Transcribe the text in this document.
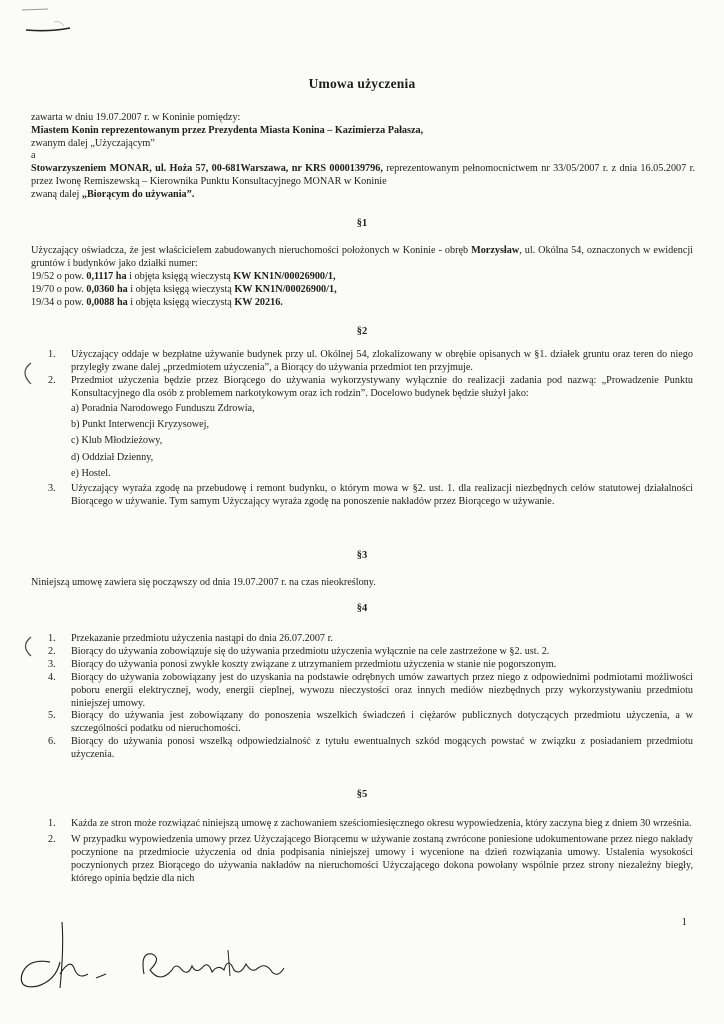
Umowa użyczenia

zawarta w dniu 19.07.2007 r. w Koninie pomiędzy:

Miastem Konin reprezentowanym przez Prezydenta Miasta Konina – Kazimierza Pałasza,

zwanym dalej „Użyczającym”

a

Stowarzyszeniem MONAR, ul. Hoża 57, 00-681Warszawa, nr KRS 0000139796, reprezentowanym pełnomocnictwem nr 33/05/2007 r. z dnia 16.05.2007 r. przez Iwonę Remiszewską – Kierownika Punktu Konsultacyjnego MONAR w Koninie

zwaną dalej „Biorącym do używania”.

§1

Użyczający oświadcza, że jest właścicielem zabudowanych nieruchomości położonych w Koninie - obręb Morzysław, ul. Okólna 54, oznaczonych w ewidencji gruntów i budynków jako działki numer:

19/52 o pow. 0,1117 ha i objęta księgą wieczystą KW KN1N/00026900/1,

19/70 o pow. 0,0360 ha i objęta księgą wieczystą KW KN1N/00026900/1,

19/34 o pow. 0,0088 ha i objęta księgą wieczystą KW 20216.

§2
1. Użyczający oddaje w bezpłatne używanie budynek przy ul. Okólnej 54, zlokalizowany w obrębie opisanych w §1. działek gruntu oraz teren do niego przyległy zwane dalej „przedmiotem użyczenia”, a Biorący do używania przedmiot ten przyjmuje.
2. Przedmiot użyczenia będzie przez Biorącego do używania wykorzystywany wyłącznie do realizacji zadania pod nazwą: „Prowadzenie Punktu Konsultacyjnego dla osób z problemem narkotykowym oraz ich rodzin”. Docelowo budynek będzie służył jako:
a) Poradnia Narodowego Funduszu Zdrowia,
b) Punkt Interwencji Kryzysowej,
c) Klub Młodzieżowy,
d) Oddział Dzienny,
e) Hostel.
3. Użyczający wyraża zgodę na przebudowę i remont budynku, o którym mowa w §2. ust. 1. dla realizacji niezbędnych celów statutowej działalności Biorącego w używanie. Tym samym Użyczający wyraża zgodę na ponoszenie nakładów przez Biorącego w używanie.
§3
Niniejszą umowę zawiera się począwszy od dnia 19.07.2007 r. na czas nieokreślony.
§4
1. Przekazanie przedmiotu użyczenia nastąpi do dnia 26.07.2007 r.
2. Biorący do używania zobowiązuje się do używania przedmiotu użyczenia wyłącznie na cele zastrzeżone w §2. ust. 2.
3. Biorący do używania ponosi zwykłe koszty związane z utrzymaniem przedmiotu użyczenia w stanie nie pogorszonym.
4. Biorący do używania zobowiązany jest do uzyskania na podstawie odrębnych umów zawartych przez niego z odpowiednimi podmiotami możliwości poboru energii elektrycznej, wody, energii cieplnej, wywozu nieczystości oraz innych mediów niezbędnych przy wykorzystywaniu przedmiotu niniejszej umowy.
5. Biorący do używania jest zobowiązany do ponoszenia wszelkich świadczeń i ciężarów publicznych dotyczących przedmiotu użyczenia, a w szczególności podatku od nieruchomości.
6. Biorący do używania ponosi wszelką odpowiedzialność z tytułu ewentualnych szkód mogących powstać w związku z posiadaniem przedmiotu użyczenia.
§5
1. Każda ze stron może rozwiązać niniejszą umowę z zachowaniem sześciomiesięcznego okresu wypowiedzenia, który zaczyna bieg z dniem 30 września.
2. W przypadku wypowiedzenia umowy przez Użyczającego Biorącemu w używanie zostaną zwrócone poniesione udokumentowane przez niego nakłady poczynione na przedmiocie użyczenia od dnia podpisania niniejszej umowy i wycenione na dzień rozwiązania umowy. Ustalenia wysokości poczynionych przez Biorącego do używania nakładów na nieruchomości Użyczającego dokona powołany wspólnie przez strony niezależny biegły, którego opinia będzie dla nich
1
